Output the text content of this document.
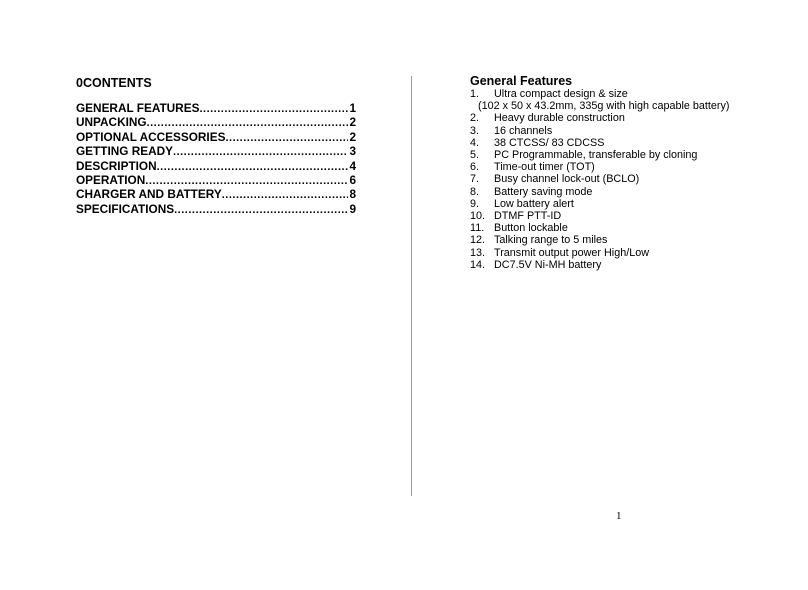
0CONTENTS
GENERAL FEATURES .....	1
UNPACKING .....	2
OPTIONAL ACCESSORIES .....	2
GETTING READY .....	3
DESCRIPTION .....	4
OPERATION .....	6
CHARGER AND BATTERY .....	8
SPECIFICATIONS .....	9
General Features
1.	Ultra compact design & size
(102 x 50 x 43.2mm, 335g with high capable battery)
2.	Heavy durable construction
3.	16 channels
4.	38 CTCSS/ 83 CDCSS
5.	PC Programmable, transferable by cloning
6.	Time-out timer (TOT)
7.	Busy channel lock-out (BCLO)
8.	Battery saving mode
9.	Low battery alert
10. DTMF PTT-ID
11. Button lockable
12. Talking range to 5 miles
13. Transmit output power High/Low
14. DC7.5V Ni-MH battery
1
